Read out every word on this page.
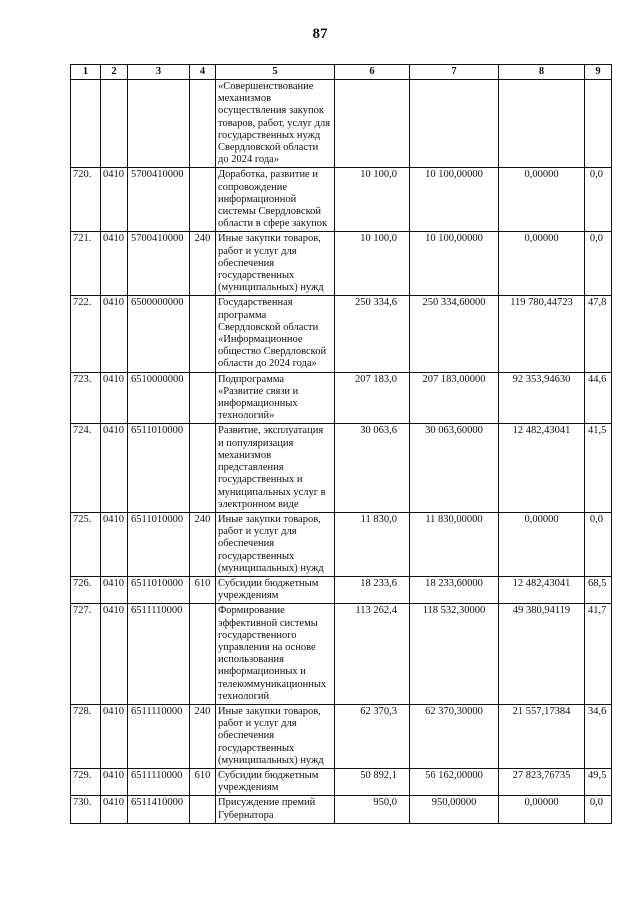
87
1	2	3	4	5	6	7	8	9
				«Совершенствование механизмов осуществления закупок товаров, работ, услуг для государственных нужд Свердловской области до 2024 года»				
720.	0410	5700410000		Доработка, развитие и сопровождение информационной системы Свердловской области в сфере закупок	10 100,0	10 100,00000	0,00000	0,0
721.	0410	5700410000	240	Иные закупки товаров, работ и услуг для обеспечения государственных (муниципальных) нужд	10 100,0	10 100,00000	0,00000	0,0
722.	0410	6500000000		Государственная программа Свердловской области «Информационное общество Свердловской области до 2024 года»	250 334,6	250 334,60000	119 780,44723	47,8
723.	0410	6510000000		Подпрограмма «Развитие связи и информационных технологий»	207 183,0	207 183,00000	92 353,94630	44,6
724.	0410	6511010000		Развитие, эксплуатация и популяризация механизмов представления государственных и муниципальных услуг в электронном виде	30 063,6	30 063,60000	12 482,43041	41,5
725.	0410	6511010000	240	Иные закупки товаров, работ и услуг для обеспечения государственных (муниципальных) нужд	11 830,0	11 830,00000	0,00000	0,0
726.	0410	6511010000	610	Субсидии бюджетным учреждениям	18 233,6	18 233,60000	12 482,43041	68,5
727.	0410	6511110000		Формирование эффективной системы государственного управления на основе использования информационных и телекоммуникационных технологий	113 262,4	118 532,30000	49 380,94119	41,7
728.	0410	6511110000	240	Иные закупки товаров, работ и услуг для обеспечения государственных (муниципальных) нужд	62 370,3	62 370,30000	21 557,17384	34,6
729.	0410	6511110000	610	Субсидии бюджетным учреждениям	50 892,1	56 162,00000	27 823,76735	49,5
730.	0410	6511410000		Присуждение премий Губернатора	950,0	950,00000	0,00000	0,0
